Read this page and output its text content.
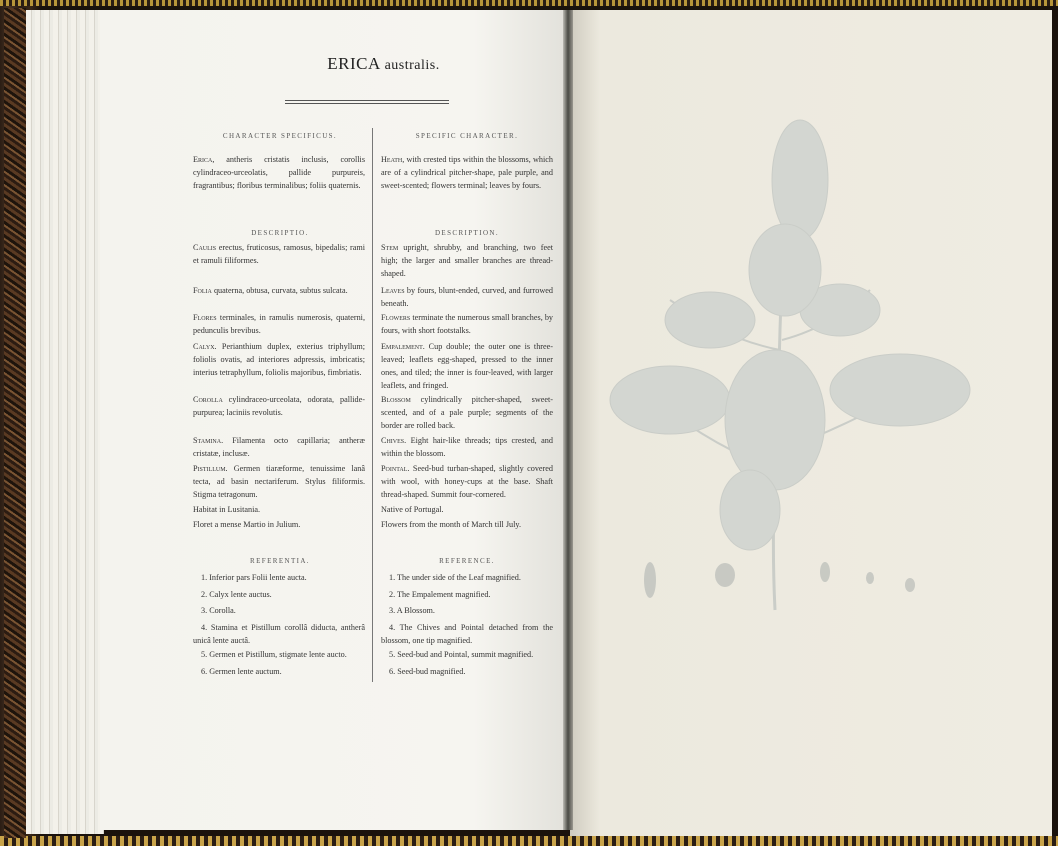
ERICA australis.
CHARACTER SPECIFICUS.

Erica, antheris cristatis inclusis, corollis cylindraceo-urceolatis, pallide purpureis, fragrantibus; floribus terminalibus; foliis quaternis.

DESCRIPTIO.

Caulis erectus, fruticosus, ramosus, bipedalis; rami et ramuli filiformes.

Folia quaterna, obtusa, curvata, subtus sulcata.

Flores terminales, in ramulis numerosis, quaterni, pedunculis brevibus.

Calyx. Perianthium duplex, exterius triphyllum; foliolis ovatis, ad interiores adpressis, imbricatis; interius tetraphyllum, foliolis majoribus, fimbriatis.

Corolla cylindraceo-urceolata, odorata, pallide-purpurea; laciniis revolutis.

Stamina. Filamenta octo capillaria; antheræ cristatæ, inclusæ.

Pistillum. Germen tiaræforme, tenuissime lanâ tecta, ad basin nectariferum. Stylus filiformis. Stigma tetragonum.

Habitat in Lusitania.

Floret a mense Martio in Julium.

REFERENTIA.

1. Inferior pars Folii lente aucta.

2. Calyx lente auctus.

3. Corolla.

4. Stamina et Pistillum corollâ diducta, antherâ unicâ lente auctâ.

5. Germen et Pistillum, stigmate lente aucto.

6. Germen lente auctum.

SPECIFIC CHARACTER.

Heath, with crested tips within the blossoms, which are of a cylindrical pitcher-shape, pale purple, and sweet-scented; flowers terminal; leaves by fours.

DESCRIPTION.

Stem upright, shrubby, and branching, two feet high; the larger and smaller branches are thread-shaped.

Leaves by fours, blunt-ended, curved, and furrowed beneath.

Flowers terminate the numerous small branches, by fours, with short footstalks.

Empalement. Cup double; the outer one is three-leaved; leaflets egg-shaped, pressed to the inner ones, and tiled; the inner is four-leaved, with larger leaflets, and fringed.

Blossom cylindrically pitcher-shaped, sweet-scented, and of a pale purple; segments of the border are rolled back.

Chives. Eight hair-like threads; tips crested, and within the blossom.

Pointal. Seed-bud turban-shaped, slightly covered with wool, with honey-cups at the base. Shaft thread-shaped. Summit four-cornered.

Native of Portugal.

Flowers from the month of March till July.

REFERENCE.

1. The under side of the Leaf magnified.

2. The Empalement magnified.

3. A Blossom.

4. The Chives and Pointal detached from the blossom, one tip magnified.

5. Seed-bud and Pointal, summit magnified.

6. Seed-bud magnified.
